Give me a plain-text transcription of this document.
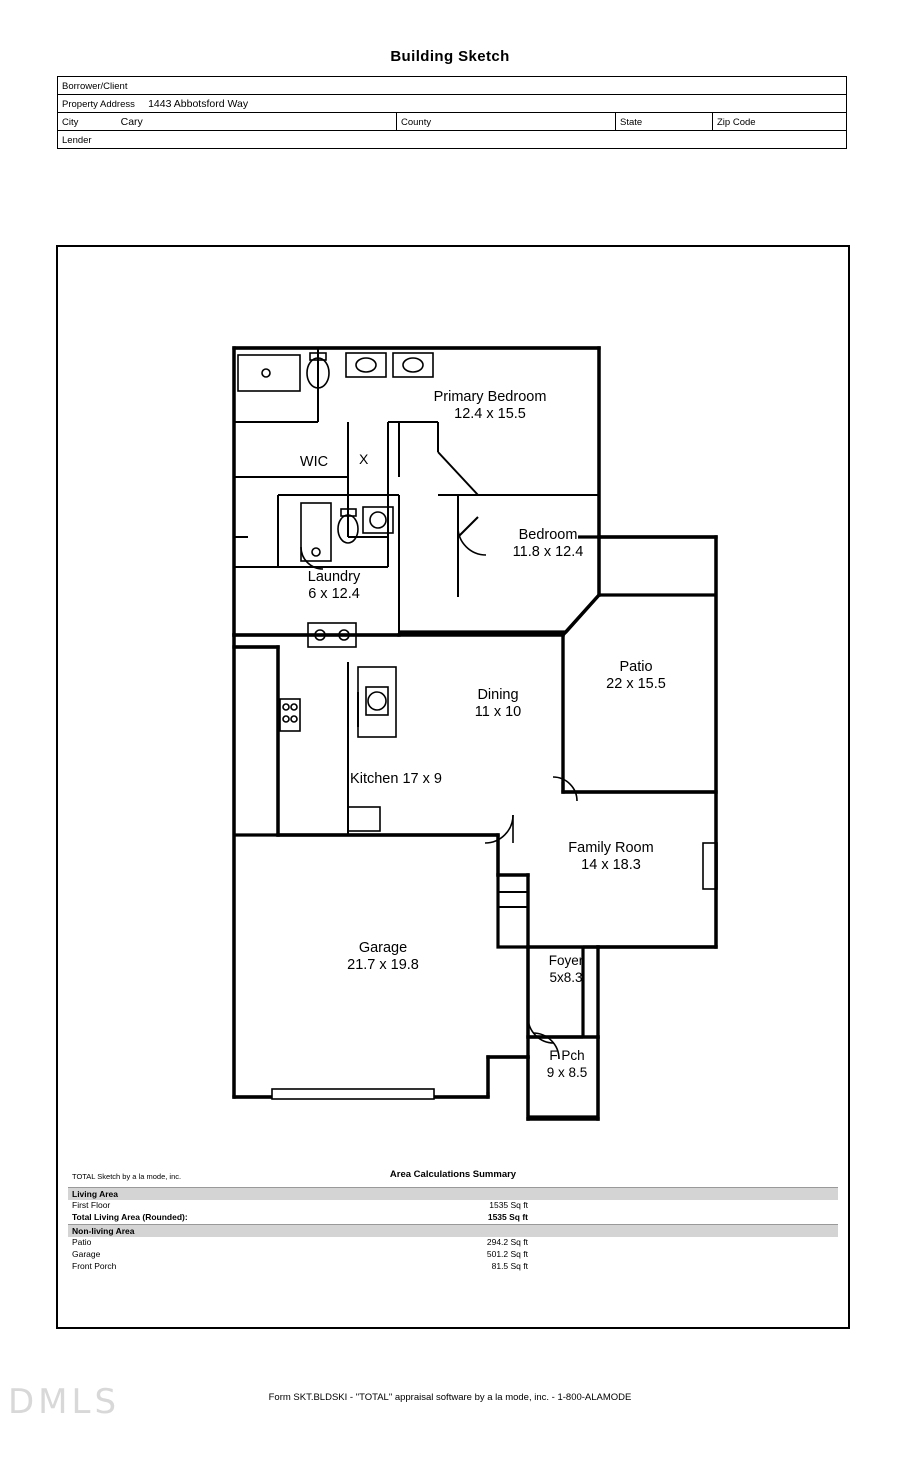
Building Sketch
Borrower/Client
Property Address 1443 Abbotsford Way
City	Cary	County	State	Zip Code
Lender
X
Primary Bedroom
12.4 x 15.5
WIC
Bedroom
11.8 x 12.4
Laundry
6 x 12.4
Patio
22 x 15.5
Dining
11 x 10
Kitchen 17 x 9
Family Room
14 x 18.3
Garage
21.7 x 19.8	Foyer
5x8.3
F Pch
9 x 8.5
TOTAL Sketch by a la mode, inc.	Area Calculations Summary
Living Area
First Floor	1535 Sq ft
Total Living Area (Rounded):	1535 Sq ft
Non-living Area
Patio	294.2 Sq ft
Garage	501.2 Sq ft
Front Porch	81.5 Sq ft
DMLS	Form SKT.BLDSKI - "TOTAL" appraisal software by a la mode, inc. - 1-800-ALAMODE
